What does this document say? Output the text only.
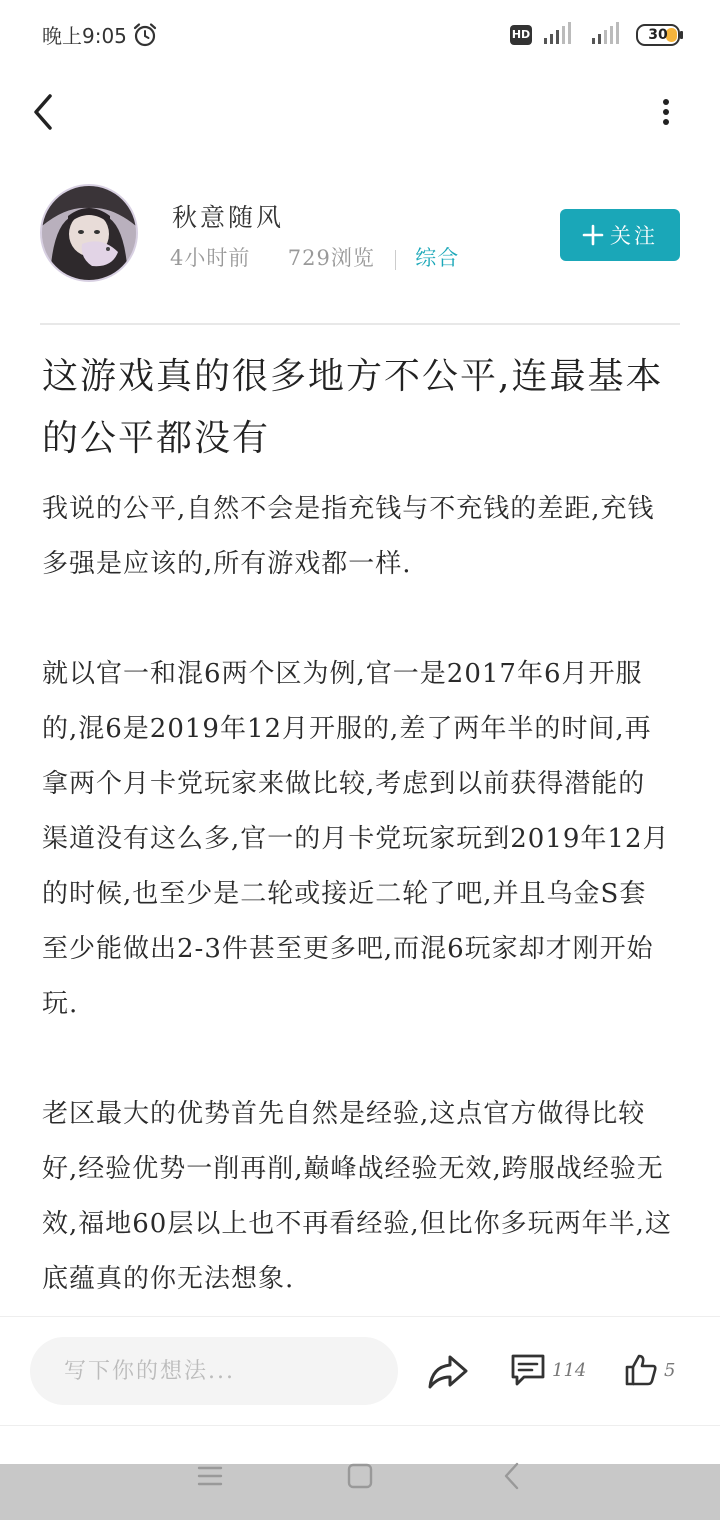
晚上9:05	HD	30
秋意随风
4小时前 729浏览 综合
关注
这游戏真的很多地方不公平,连最基本的公平都没有

我说的公平,自然不会是指充钱与不充钱的差距,充钱多强是应该的,所有游戏都一样.

就以官一和混6两个区为例,官一是2017年6月开服的,混6是2019年12月开服的,差了两年半的时间,再拿两个月卡党玩家来做比较,考虑到以前获得潜能的渠道没有这么多,官一的月卡党玩家玩到2019年12月的时候,也至少是二轮或接近二轮了吧,并且乌金S套至少能做出2-3件甚至更多吧,而混6玩家却才刚开始玩.

老区最大的优势首先自然是经验,这点官方做得比较好,经验优势一削再削,巅峰战经验无效,跨服战经验无效,福地60层以上也不再看经验,但比你多玩两年半,这底蕴真的你无法想象.

写下你的想法...
114	5
